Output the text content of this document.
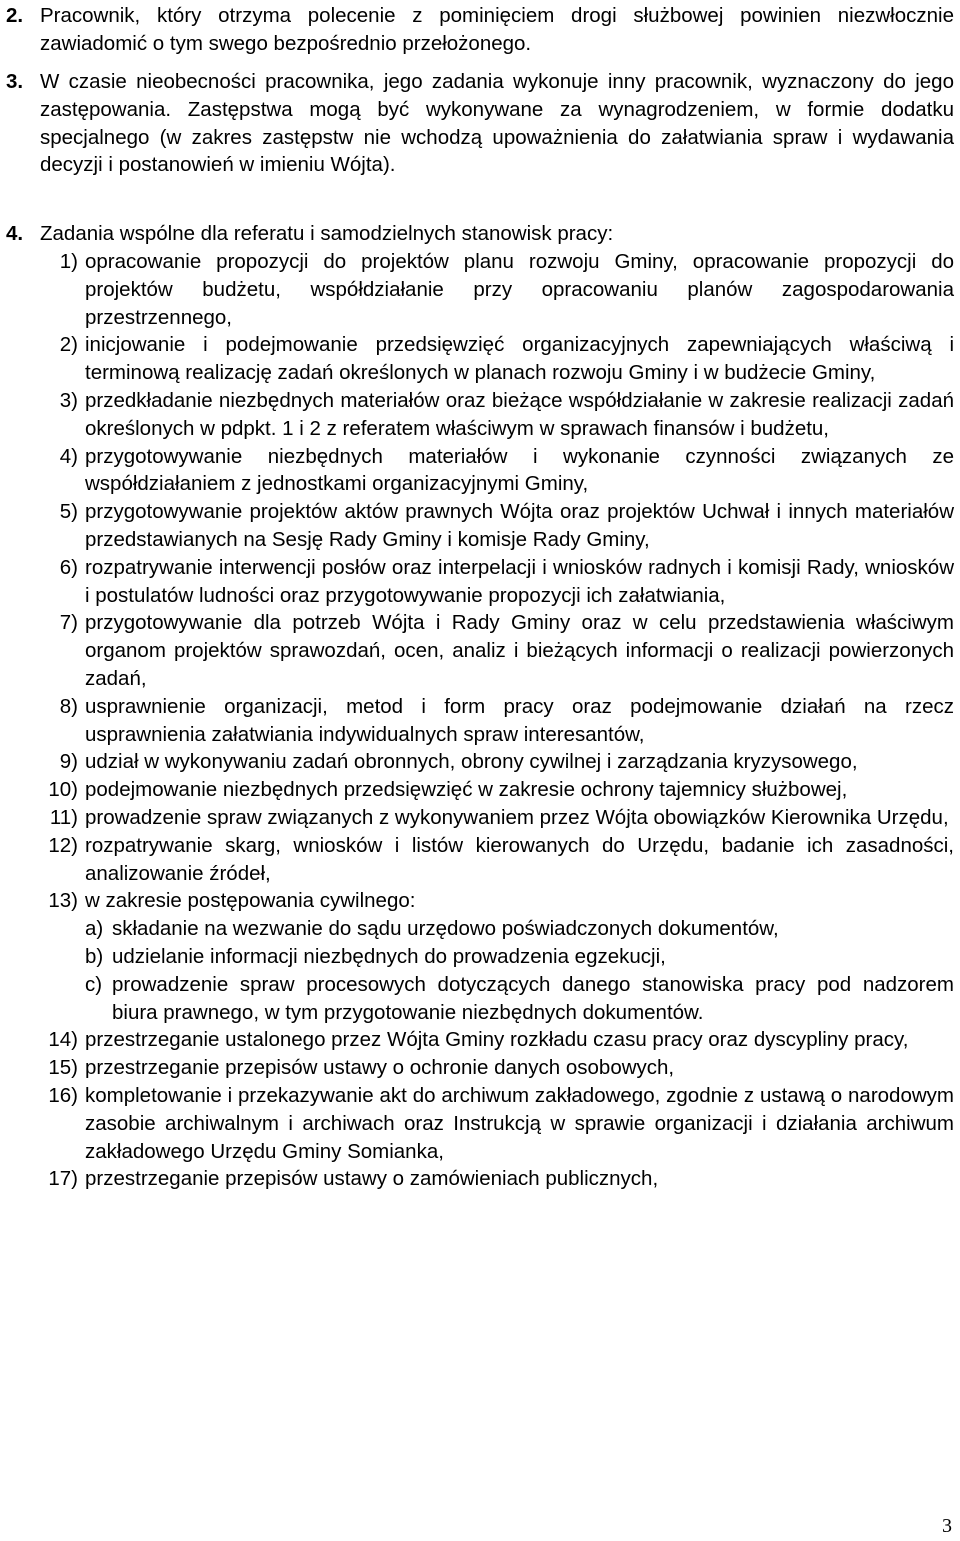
2. Pracownik, który otrzyma polecenie z pominięciem drogi służbowej powinien niezwłocznie zawiadomić o tym swego bezpośrednio przełożonego.
3. W czasie nieobecności pracownika, jego zadania wykonuje inny pracownik, wyznaczony do jego zastępowania. Zastępstwa mogą być wykonywane za wynagrodzeniem, w formie dodatku specjalnego (w zakres zastępstw nie wchodzą upoważnienia do załatwiania spraw i wydawania decyzji i postanowień w imieniu Wójta).
4. Zadania wspólne dla referatu i samodzielnych stanowisk pracy:
1) opracowanie propozycji do projektów planu rozwoju Gminy, opracowanie propozycji do projektów budżetu, współdziałanie przy opracowaniu planów zagospodarowania przestrzennego,
2) inicjowanie i podejmowanie przedsięwzięć organizacyjnych zapewniających właściwą i terminową realizację zadań określonych w planach rozwoju Gminy i w budżecie Gminy,
3) przedkładanie niezbędnych materiałów oraz bieżące współdziałanie w zakresie realizacji zadań określonych w pdpkt. 1 i 2 z referatem właściwym w sprawach finansów i budżetu,
4) przygotowywanie niezbędnych materiałów i wykonanie czynności związanych ze współdziałaniem z jednostkami organizacyjnymi Gminy,
5) przygotowywanie projektów aktów prawnych Wójta oraz projektów Uchwał i innych materiałów przedstawianych na Sesję Rady Gminy i komisje Rady Gminy,
6) rozpatrywanie interwencji posłów oraz interpelacji i wniosków radnych i komisji Rady, wniosków i postulatów ludności oraz przygotowywanie propozycji ich załatwiania,
7) przygotowywanie dla potrzeb Wójta i Rady Gminy oraz w celu przedstawienia właściwym organom projektów sprawozdań, ocen, analiz i bieżących informacji o realizacji powierzonych zadań,
8) usprawnienie organizacji, metod i form pracy oraz podejmowanie działań na rzecz usprawnienia załatwiania indywidualnych spraw interesantów,
9) udział w wykonywaniu zadań obronnych, obrony cywilnej i zarządzania kryzysowego,
10) podejmowanie niezbędnych przedsięwzięć w zakresie ochrony tajemnicy służbowej,
11) prowadzenie spraw związanych z wykonywaniem przez Wójta obowiązków Kierownika Urzędu,
12) rozpatrywanie skarg, wniosków i listów kierowanych do Urzędu, badanie ich zasadności, analizowanie źródeł,
13) w zakresie postępowania cywilnego:
a) składanie na wezwanie do sądu urzędowo poświadczonych dokumentów,
b) udzielanie informacji niezbędnych do prowadzenia egzekucji,
c) prowadzenie spraw procesowych dotyczących danego stanowiska pracy pod nadzorem biura prawnego, w tym przygotowanie niezbędnych dokumentów.
14) przestrzeganie ustalonego przez Wójta Gminy rozkładu czasu pracy oraz dyscypliny pracy,
15) przestrzeganie przepisów ustawy o ochronie danych osobowych,
16) kompletowanie i przekazywanie akt do archiwum zakładowego, zgodnie z ustawą o narodowym zasobie archiwalnym i archiwach oraz Instrukcją w sprawie organizacji i działania archiwum zakładowego Urzędu Gminy Somianka,
17) przestrzeganie przepisów ustawy o zamówieniach publicznych,
3
